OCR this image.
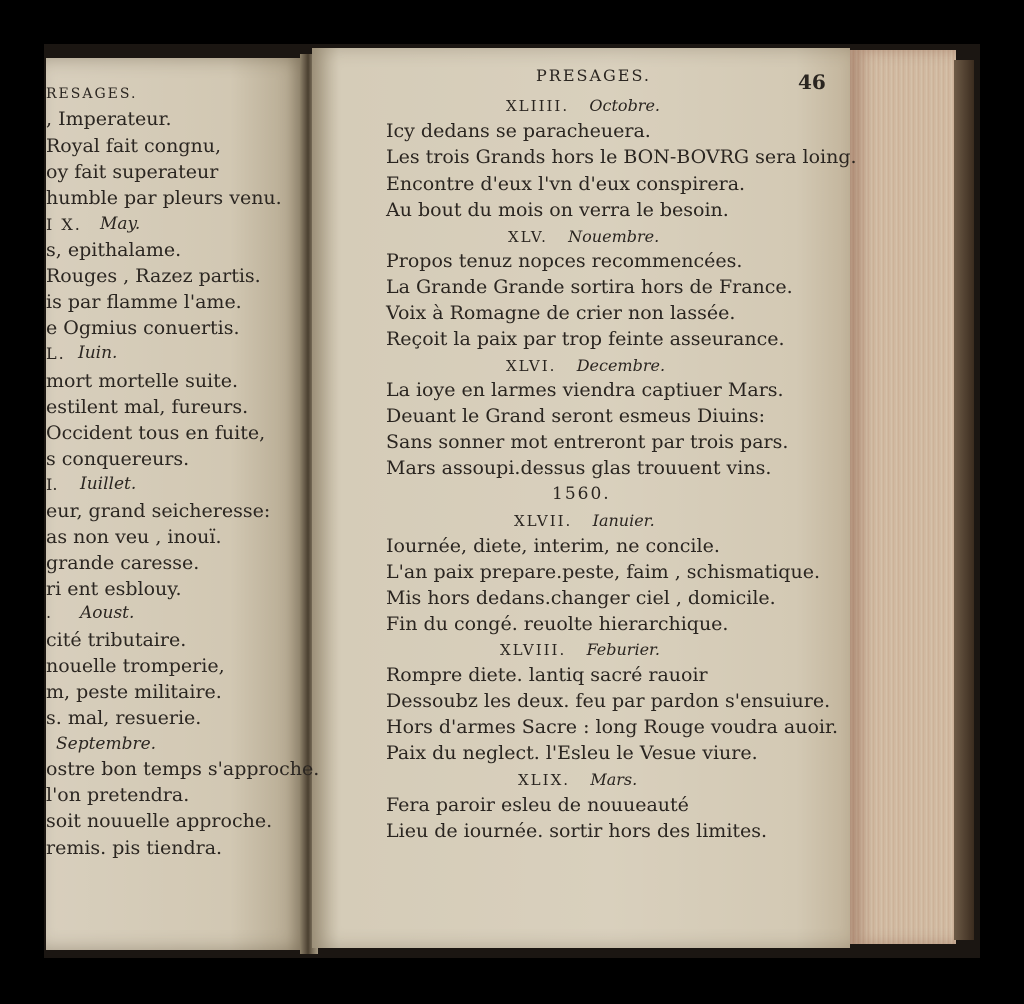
RESAGES.
, Imperateur.
Royal fait congnu,
oy fait superateur
humble par pleurs venu.
I X. May.
s, epithalame.
Rouges , Razez partis.
is par flamme l'ame.
e Ogmius conuertis.
L. Iuin.
mort mortelle suite.
estilent mal, fureurs.
Occident tous en fuite,
s conquereurs.
I. Iuillet.
eur, grand seicheresse:
as non veu , inouï.
grande caresse.
ri ent esblouy.
. Aoust.
cité tributaire.
nouelle tromperie,
m, peste militaire.
s. mal, resuerie.
Septembre.
ostre bon temps s'approche.
l'on pretendra.
soit nouuelle approche.
remis. pis tiendra.
PRESAGES.	46
XLIIII. Octobre.
Icy dedans se paracheuera.
Les trois Grands hors le BON-BOVRG sera loing.
Encontre d'eux l'vn d'eux conspirera.
Au bout du mois on verra le besoin.
XLV. Nouembre.
Propos tenuz nopces recommencées.
La Grande Grande sortira hors de France.
Voix à Romagne de crier non lassée.
Reçoit la paix par trop feinte asseurance.
XLVI. Decembre.
La ioye en larmes viendra captiuer Mars.
Deuant le Grand seront esmeus Diuins:
Sans sonner mot entreront par trois pars.
Mars assoupi.dessus glas trouuent vins.
1560.
XLVII. Ianuier.
Iournée, diete, interim, ne concile.
L'an paix prepare.peste, faim , schismatique.
Mis hors dedans.changer ciel , domicile.
Fin du congé. reuolte hierarchique.
XLVIII. Feburier.
Rompre diete. lantiq sacré rauoir
Dessoubz les deux. feu par pardon s'ensuiure.
Hors d'armes Sacre : long Rouge voudra auoir.
Paix du neglect. l'Esleu le Vesue viure.
XLIX. Mars.
Fera paroir esleu de nouueauté
Lieu de iournée. sortir hors des limites.
